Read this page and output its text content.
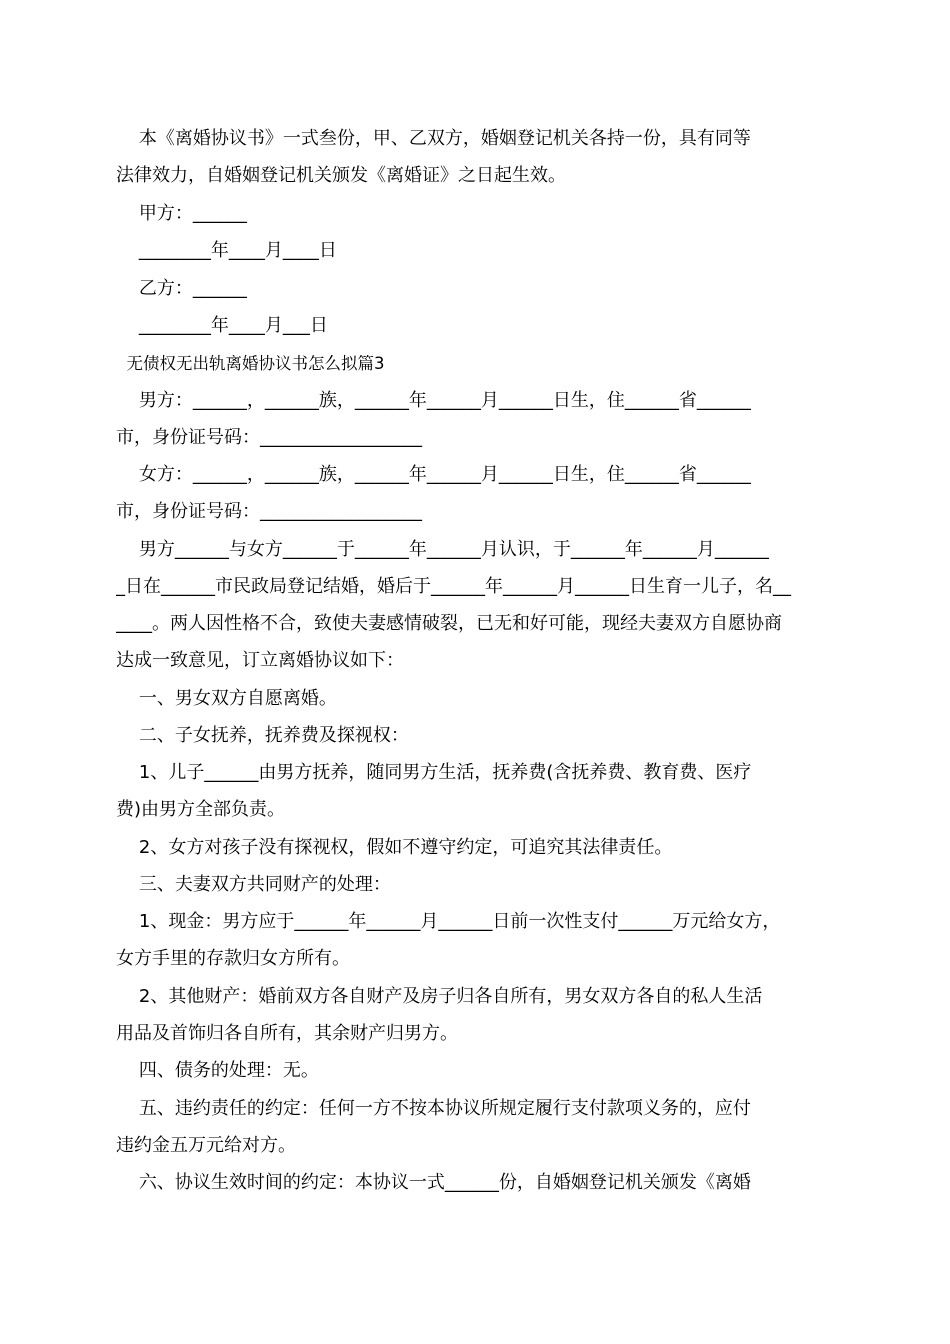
本《离婚协议书》一式叁份，甲、乙双方，婚姻登记机关各持一份，具有同等
法律效力，自婚姻登记机关颁发《离婚证》之日起生效。
甲方：______
________年____月____日
乙方：______
________年____月___日
无债权无出轨离婚协议书怎么拟篇3
男方：______，______族，______年______月______日生，住______省______
市，身份证号码：__________________
女方：______，______族，______年______月______日生，住______省______
市，身份证号码：__________________
男方______与女方______于______年______月认识，于______年______月______
_日在______市民政局登记结婚，婚后于______年______月______日生育一儿子，名__
____。两人因性格不合，致使夫妻感情破裂，已无和好可能，现经夫妻双方自愿协商
达成一致意见，订立离婚协议如下：
一、男女双方自愿离婚。
二、子女抚养，抚养费及探视权：
1、儿子______由男方抚养，随同男方生活，抚养费(含抚养费、教育费、医疗
费)由男方全部负责。
2、女方对孩子没有探视权，假如不遵守约定，可追究其法律责任。
三、夫妻双方共同财产的处理：
1、现金：男方应于______年______月______日前一次性支付______万元给女方，
女方手里的存款归女方所有。
2、其他财产：婚前双方各自财产及房子归各自所有，男女双方各自的私人生活
用品及首饰归各自所有，其余财产归男方。
四、债务的处理：无。
五、违约责任的约定：任何一方不按本协议所规定履行支付款项义务的，应付
违约金五万元给对方。
六、协议生效时间的约定：本协议一式______份，自婚姻登记机关颁发《离婚
